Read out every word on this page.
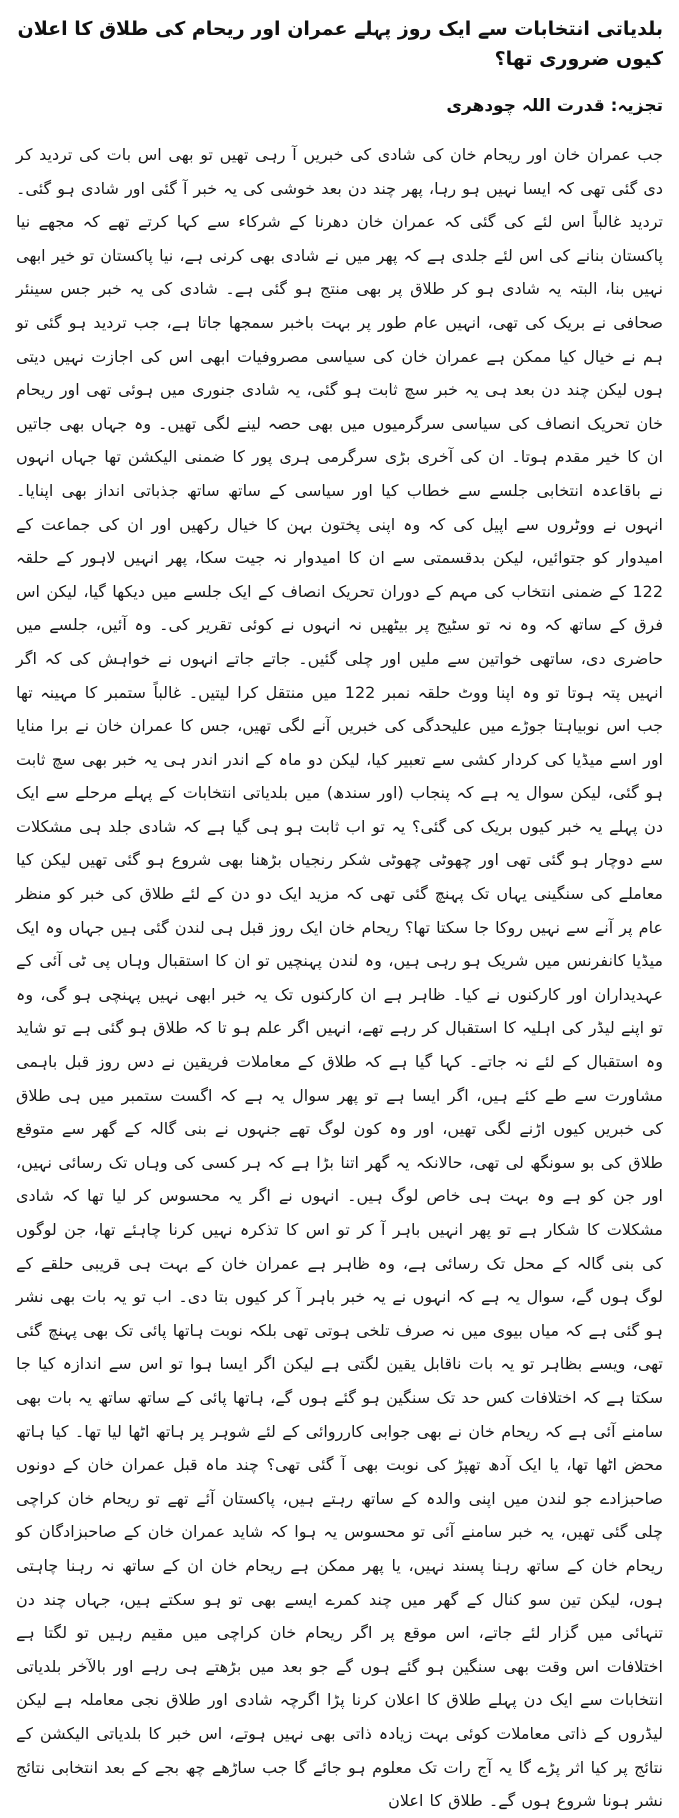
بلدیاتی انتخابات سے ایک روز پہلے عمران اور ریحام کی طلاق کا اعلان کیوں ضروری تھا؟
تجزیہ: قدرت اللہ چودھری

جب عمران خان اور ریحام خان کی شادی کی خبریں آ رہی تھیں تو بھی اس بات کی تردید کر دی گئی تھی کہ ایسا نہیں ہو رہا، پھر چند دن بعد خوشی کی یہ خبر آ گئی اور شادی ہو گئی۔ تردید غالباً اس لئے کی گئی کہ عمران خان دھرنا کے شرکاء سے کہا کرتے تھے کہ مجھے نیا پاکستان بنانے کی اس لئے جلدی ہے کہ پھر میں نے شادی بھی کرنی ہے، نیا پاکستان تو خیر ابھی نہیں بنا، البتہ یہ شادی ہو کر طلاق پر بھی منتج ہو گئی ہے۔ شادی کی یہ خبر جس سینئر صحافی نے بریک کی تھی، انہیں عام طور پر بہت باخبر سمجھا جاتا ہے، جب تردید ہو گئی تو ہم نے خیال کیا ممکن ہے عمران خان کی سیاسی مصروفیات ابھی اس کی اجازت نہیں دیتی ہوں لیکن چند دن بعد ہی یہ خبر سچ ثابت ہو گئی، یہ شادی جنوری میں ہوئی تھی اور ریحام خان تحریک انصاف کی سیاسی سرگرمیوں میں بھی حصہ لینے لگی تھیں۔ وہ جہاں بھی جاتیں ان کا خیر مقدم ہوتا۔ ان کی آخری بڑی سرگرمی ہری پور کا ضمنی الیکشن تھا جہاں انہوں نے باقاعدہ انتخابی جلسے سے خطاب کیا اور سیاسی کے ساتھ ساتھ جذباتی انداز بھی اپنایا۔ انہوں نے ووٹروں سے اپیل کی کہ وہ اپنی پختون بہن کا خیال رکھیں اور ان کی جماعت کے امیدوار کو جتوائیں، لیکن بدقسمتی سے ان کا امیدوار نہ جیت سکا، پھر انہیں لاہور کے حلقہ 122 کے ضمنی انتخاب کی مہم کے دوران تحریک انصاف کے ایک جلسے میں دیکھا گیا، لیکن اس فرق کے ساتھ کہ وہ نہ تو سٹیج پر بیٹھیں نہ انہوں نے کوئی تقریر کی۔ وہ آئیں، جلسے میں حاضری دی، ساتھی خواتین سے ملیں اور چلی گئیں۔ جاتے جاتے انہوں نے خواہش کی کہ اگر انہیں پتہ ہوتا تو وہ اپنا ووٹ حلقہ نمبر 122 میں منتقل کرا لیتیں۔ غالباً ستمبر کا مہینہ تھا جب اس نوبیاہتا جوڑے میں علیحدگی کی خبریں آنے لگی تھیں، جس کا عمران خان نے برا منایا اور اسے میڈیا کی کردار کشی سے تعبیر کیا، لیکن دو ماہ کے اندر اندر ہی یہ خبر بھی سچ ثابت ہو گئی، لیکن سوال یہ ہے کہ پنجاب (اور سندھ) میں بلدیاتی انتخابات کے پہلے مرحلے سے ایک دن پہلے یہ خبر کیوں بریک کی گئی؟ یہ تو اب ثابت ہو ہی گیا ہے کہ شادی جلد ہی مشکلات سے دوچار ہو گئی تھی اور چھوٹی چھوٹی شکر رنجیاں بڑھنا بھی شروع ہو گئی تھیں لیکن کیا معاملے کی سنگینی یہاں تک پہنچ گئی تھی کہ مزید ایک دو دن کے لئے طلاق کی خبر کو منظر عام پر آنے سے نہیں روکا جا سکتا تھا؟ ریحام خان ایک روز قبل ہی لندن گئی ہیں جہاں وہ ایک میڈیا کانفرنس میں شریک ہو رہی ہیں، وہ لندن پہنچیں تو ان کا استقبال وہاں پی ٹی آئی کے عہدیداران اور کارکنوں نے کیا۔ ظاہر ہے ان کارکنوں تک یہ خبر ابھی نہیں پہنچی ہو گی، وہ تو اپنے لیڈر کی اہلیہ کا استقبال کر رہے تھے، انہیں اگر علم ہو تا کہ طلاق ہو گئی ہے تو شاید وہ استقبال کے لئے نہ جاتے۔ کہا گیا ہے کہ طلاق کے معاملات فریقین نے دس روز قبل باہمی مشاورت سے طے کئے ہیں، اگر ایسا ہے تو پھر سوال یہ ہے کہ اگست ستمبر میں ہی طلاق کی خبریں کیوں اڑنے لگی تھیں، اور وہ کون لوگ تھے جنہوں نے بنی گالہ کے گھر سے متوقع طلاق کی بو سونگھ لی تھی، حالانکہ یہ گھر اتنا بڑا ہے کہ ہر کسی کی وہاں تک رسائی نہیں، اور جن کو ہے وہ بہت ہی خاص لوگ ہیں۔ انہوں نے اگر یہ محسوس کر لیا تھا کہ شادی مشکلات کا شکار ہے تو پھر انہیں باہر آ کر تو اس کا تذکرہ نہیں کرنا چاہئے تھا، جن لوگوں کی بنی گالہ کے محل تک رسائی ہے، وہ ظاہر ہے عمران خان کے بہت ہی قریبی حلقے کے لوگ ہوں گے، سوال یہ ہے کہ انہوں نے یہ خبر باہر آ کر کیوں بتا دی۔ اب تو یہ بات بھی نشر ہو گئی ہے کہ میاں بیوی میں نہ صرف تلخی ہوتی تھی بلکہ نوبت ہاتھا پائی تک بھی پہنچ گئی تھی، ویسے بظاہر تو یہ بات ناقابل یقین لگتی ہے لیکن اگر ایسا ہوا تو اس سے اندازہ کیا جا سکتا ہے کہ اختلافات کس حد تک سنگین ہو گئے ہوں گے، ہاتھا پائی کے ساتھ ساتھ یہ بات بھی سامنے آئی ہے کہ ریحام خان نے بھی جوابی کارروائی کے لئے شوہر پر ہاتھ اٹھا لیا تھا۔ کیا ہاتھ محض اٹھا تھا، یا ایک آدھ تھپڑ کی نوبت بھی آ گئی تھی؟ چند ماہ قبل عمران خان کے دونوں صاحبزادے جو لندن میں اپنی والدہ کے ساتھ رہتے ہیں، پاکستان آئے تھے تو ریحام خان کراچی چلی گئی تھیں، یہ خبر سامنے آئی تو محسوس یہ ہوا کہ شاید عمران خان کے صاحبزادگان کو ریحام خان کے ساتھ رہنا پسند نہیں، یا پھر ممکن ہے ریحام خان ان کے ساتھ نہ رہنا چاہتی ہوں، لیکن تین سو کنال کے گھر میں چند کمرے ایسے بھی تو ہو سکتے ہیں، جہاں چند دن تنہائی میں گزار لئے جاتے، اس موقع پر اگر ریحام خان کراچی میں مقیم رہیں تو لگتا ہے اختلافات اس وقت بھی سنگین ہو گئے ہوں گے جو بعد میں بڑھتے ہی رہے اور بالآخر بلدیاتی انتخابات سے ایک دن پہلے طلاق کا اعلان کرنا پڑا اگرچہ شادی اور طلاق نجی معاملہ ہے لیکن لیڈروں کے ذاتی معاملات کوئی بہت زیادہ ذاتی بھی نہیں ہوتے، اس خبر کا بلدیاتی الیکشن کے نتائج پر کیا اثر پڑے گا یہ آج رات تک معلوم ہو جائے گا جب ساڑھے چھ بجے کے بعد انتخابی نتائج نشر ہونا شروع ہوں گے۔ طلاق کا اعلان
